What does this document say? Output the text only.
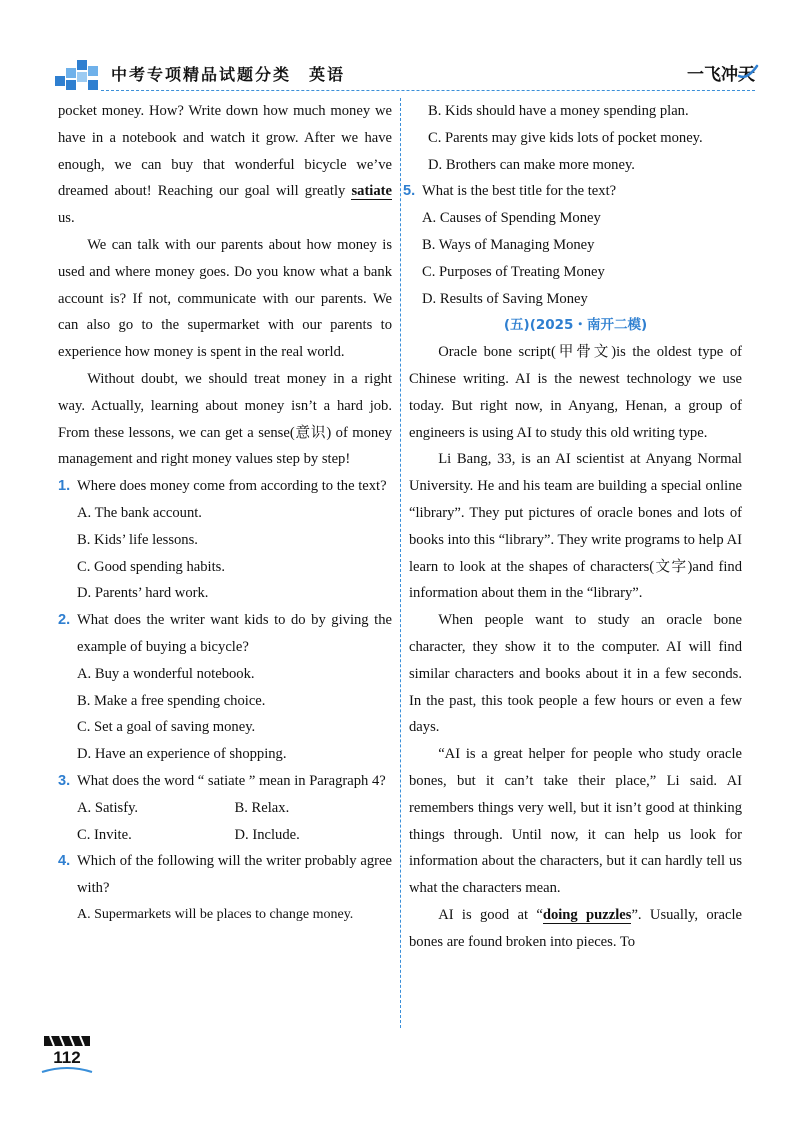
中考专项精品试题分类 英语	一飞冲天

pocket money. How? Write down how much money we have in a notebook and watch it grow. After we have enough, we can buy that wonderful bicycle we’ve dreamed about! Reaching our goal will greatly satiate us.

We can talk with our parents about how money is used and where money goes. Do you know what a bank account is? If not, communicate with our parents. We can also go to the supermarket with our parents to experience how money is spent in the real world.

Without doubt, we should treat money in a right way. Actually, learning about money isn’t a hard job. From these lessons, we can get a sense(意识) of money management and right money values step by step!

1. Where does money come from according to the text?

A. The bank account.

B. Kids’ life lessons.

C. Good spending habits.

D. Parents’ hard work.

2. What does the writer want kids to do by giving the example of buying a bicycle?

A. Buy a wonderful notebook.

B. Make a free spending choice.

C. Set a goal of saving money.

D. Have an experience of shopping.

3. What does the word “ satiate ” mean in Paragraph 4?

A. Satisfy.	B. Relax.
C. Invite.	D. Include.

4. Which of the following will the writer probably agree with?

A. Supermarkets will be places to change money.

B. Kids should have a money spending plan.

C. Parents may give kids lots of pocket money.

D. Brothers can make more money.

5. What is the best title for the text?

A. Causes of Spending Money

B. Ways of Managing Money

C. Purposes of Treating Money

D. Results of Saving Money

(五)(2025・南开二模)

Oracle bone script(甲骨文)is the oldest type of Chinese writing. AI is the newest technology we use today. But right now, in Anyang, Henan, a group of engineers is using AI to study this old writing type.

Li Bang, 33, is an AI scientist at Anyang Normal University. He and his team are building a special online “library”. They put pictures of oracle bones and lots of books into this “library”. They write programs to help AI learn to look at the shapes of characters(文字)and find information about them in the “library”.

When people want to study an oracle bone character, they show it to the computer. AI will find similar characters and books about it in a few seconds. In the past, this took people a few hours or even a few days.

“AI is a great helper for people who study oracle bones, but it can’t take their place,” Li said. AI remembers things very well, but it isn’t good at thinking things through. Until now, it can help us look for information about the characters, but it can hardly tell us what the characters mean.

AI is good at “doing puzzles”. Usually, oracle bones are found broken into pieces. To

112
